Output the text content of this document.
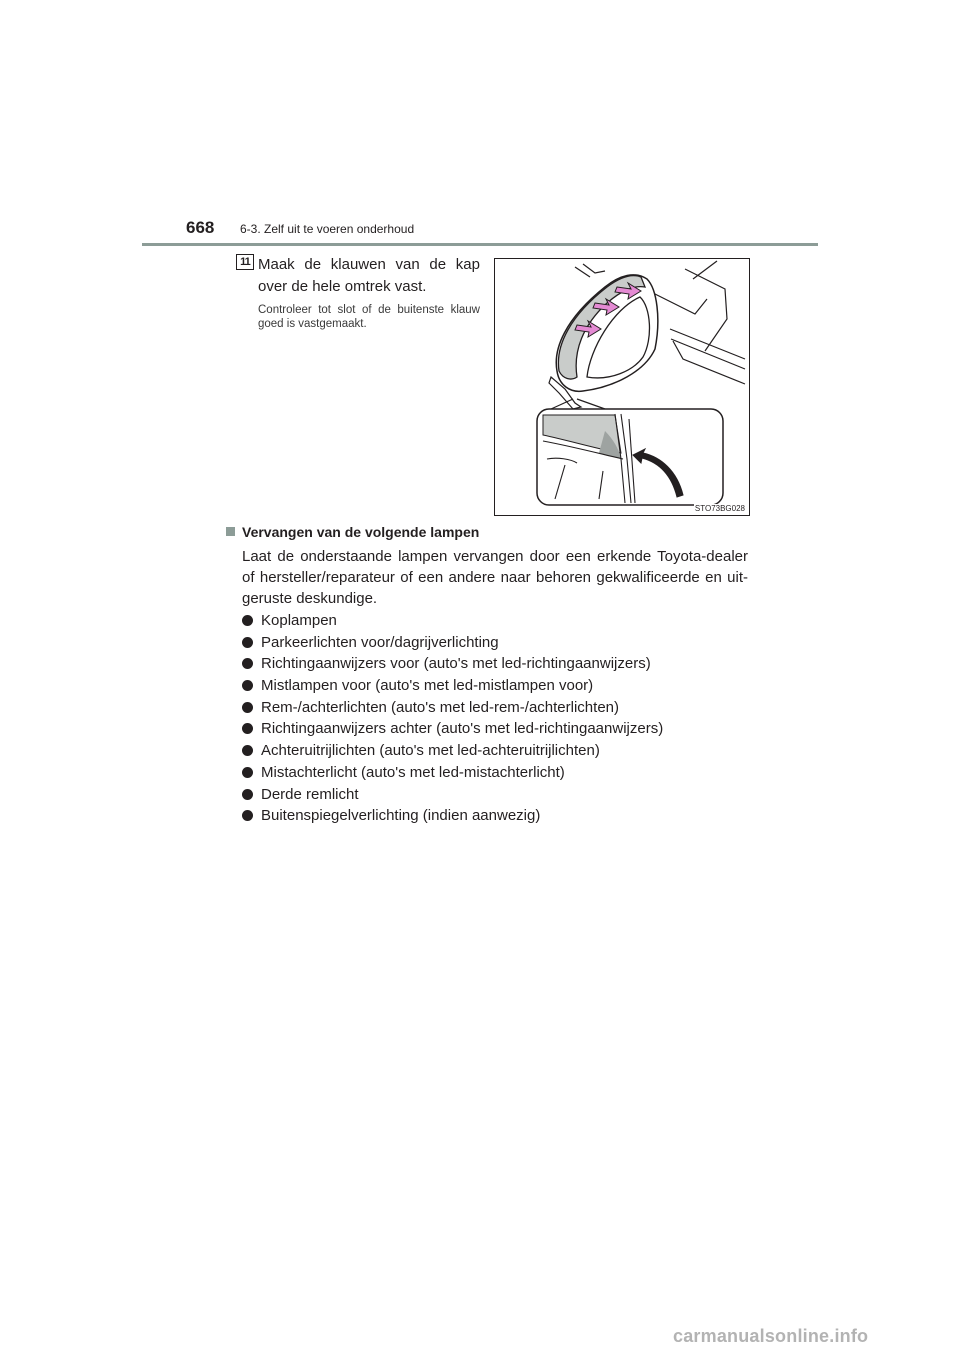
668 6-3. Zelf uit te voeren onderhoud
11 Maak de klauwen van de kap over de hele omtrek vast.
Controleer tot slot of de buitenste klauw goed is vastgemaakt.
STO73BG028
Vervangen van de volgende lampen
Laat de onderstaande lampen vervangen door een erkende Toyota-dealer of hersteller/reparateur of een andere naar behoren gekwalificeerde en uit-geruste deskundige.
Koplampen
Parkeerlichten voor/dagrijverlichting
Richtingaanwijzers voor (auto's met led-richtingaanwijzers)
Mistlampen voor (auto's met led-mistlampen voor)
Rem-/achterlichten (auto's met led-rem-/achterlichten)
Richtingaanwijzers achter (auto's met led-richtingaanwijzers)
Achteruitrijlichten (auto's met led-achteruitrijlichten)
Mistachterlicht (auto's met led-mistachterlicht)
Derde remlicht
Buitenspiegelverlichting (indien aanwezig)
carmanualsonline.info
